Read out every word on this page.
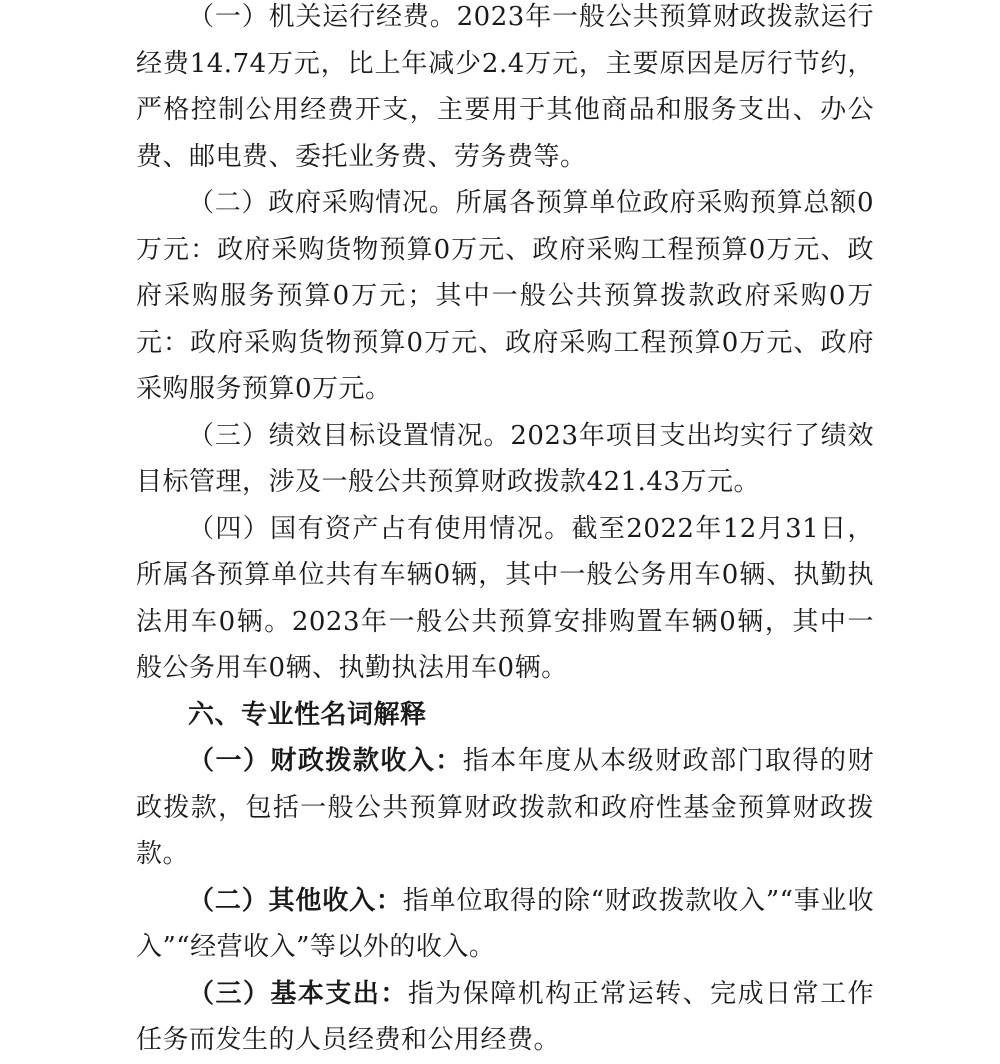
（一）机关运行经费。2023年一般公共预算财政拨款运行经费14.74万元，比上年减少2.4万元，主要原因是厉行节约，严格控制公用经费开支，主要用于其他商品和服务支出、办公费、邮电费、委托业务费、劳务费等。

（二）政府采购情况。所属各预算单位政府采购预算总额0万元：政府采购货物预算0万元、政府采购工程预算0万元、政府采购服务预算0万元；其中一般公共预算拨款政府采购0万元：政府采购货物预算0万元、政府采购工程预算0万元、政府采购服务预算0万元。

（三）绩效目标设置情况。2023年项目支出均实行了绩效目标管理，涉及一般公共预算财政拨款421.43万元。

（四）国有资产占有使用情况。截至2022年12月31日，所属各预算单位共有车辆0辆，其中一般公务用车0辆、执勤执法用车0辆。2023年一般公共预算安排购置车辆0辆，其中一般公务用车0辆、执勤执法用车0辆。

六、专业性名词解释

（一）财政拨款收入：指本年度从本级财政部门取得的财政拨款，包括一般公共预算财政拨款和政府性基金预算财政拨款。

（二）其他收入：指单位取得的除“财政拨款收入”“事业收入”“经营收入”等以外的收入。

（三）基本支出：指为保障机构正常运转、完成日常工作任务而发生的人员经费和公用经费。
